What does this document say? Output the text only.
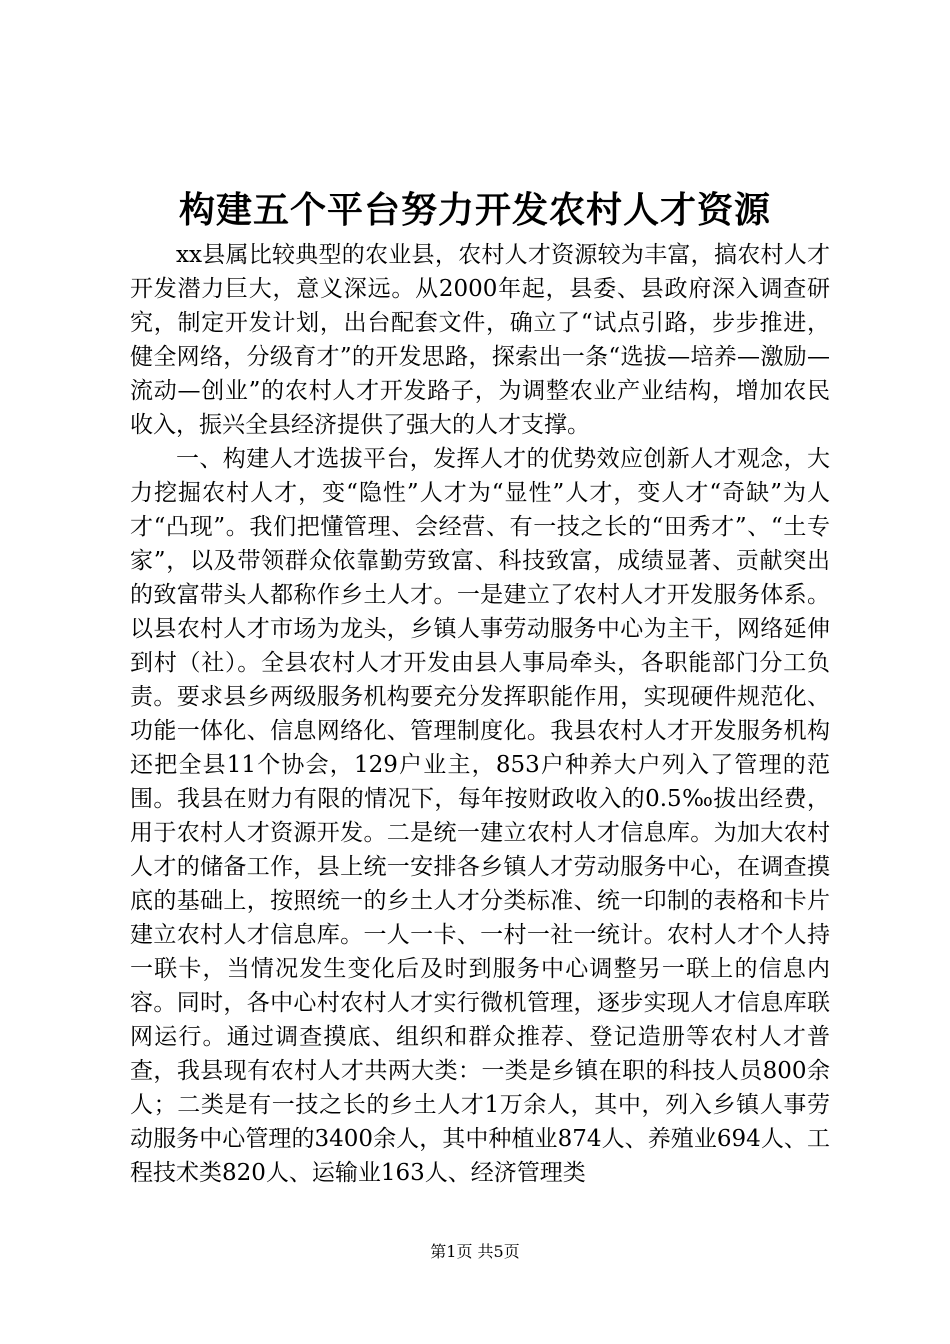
构建五个平台努力开发农村人才资源

xx县属比较典型的农业县，农村人才资源较为丰富，搞农村人才开发潜力巨大，意义深远。从2000年起，县委、县政府深入调查研究，制定开发计划，出台配套文件，确立了“试点引路，步步推进，健全网络，分级育才”的开发思路，探索出一条“选拔—培养—激励—流动—创业”的农村人才开发路子，为调整农业产业结构，增加农民收入，振兴全县经济提供了强大的人才支撑。

一、构建人才选拔平台，发挥人才的优势效应创新人才观念，大力挖掘农村人才，变“隐性”人才为“显性”人才，变人才“奇缺”为人才“凸现”。我们把懂管理、会经营、有一技之长的“田秀才”、“土专家”，以及带领群众依靠勤劳致富、科技致富，成绩显著、贡献突出的致富带头人都称作乡土人才。一是建立了农村人才开发服务体系。以县农村人才市场为龙头，乡镇人事劳动服务中心为主干，网络延伸到村（社）。全县农村人才开发由县人事局牵头，各职能部门分工负责。要求县乡两级服务机构要充分发挥职能作用，实现硬件规范化、功能一体化、信息网络化、管理制度化。我县农村人才开发服务机构还把全县11个协会，129户业主，853户种养大户列入了管理的范围。我县在财力有限的情况下，每年按财政收入的0.5‰拔出经费，用于农村人才资源开发。二是统一建立农村人才信息库。为加大农村人才的储备工作，县上统一安排各乡镇人才劳动服务中心，在调查摸底的基础上，按照统一的乡土人才分类标准、统一印制的表格和卡片建立农村人才信息库。一人一卡、一村一社一统计。农村人才个人持一联卡，当情况发生变化后及时到服务中心调整另一联上的信息内容。同时，各中心村农村人才实行微机管理，逐步实现人才信息库联网运行。通过调查摸底、组织和群众推荐、登记造册等农村人才普查，我县现有农村人才共两大类：一类是乡镇在职的科技人员800余人；二类是有一技之长的乡土人才1万余人，其中，列入乡镇人事劳动服务中心管理的3400余人，其中种植业874人、养殖业694人、工程技术类820人、运输业163人、经济管理类

第1页 共5页
